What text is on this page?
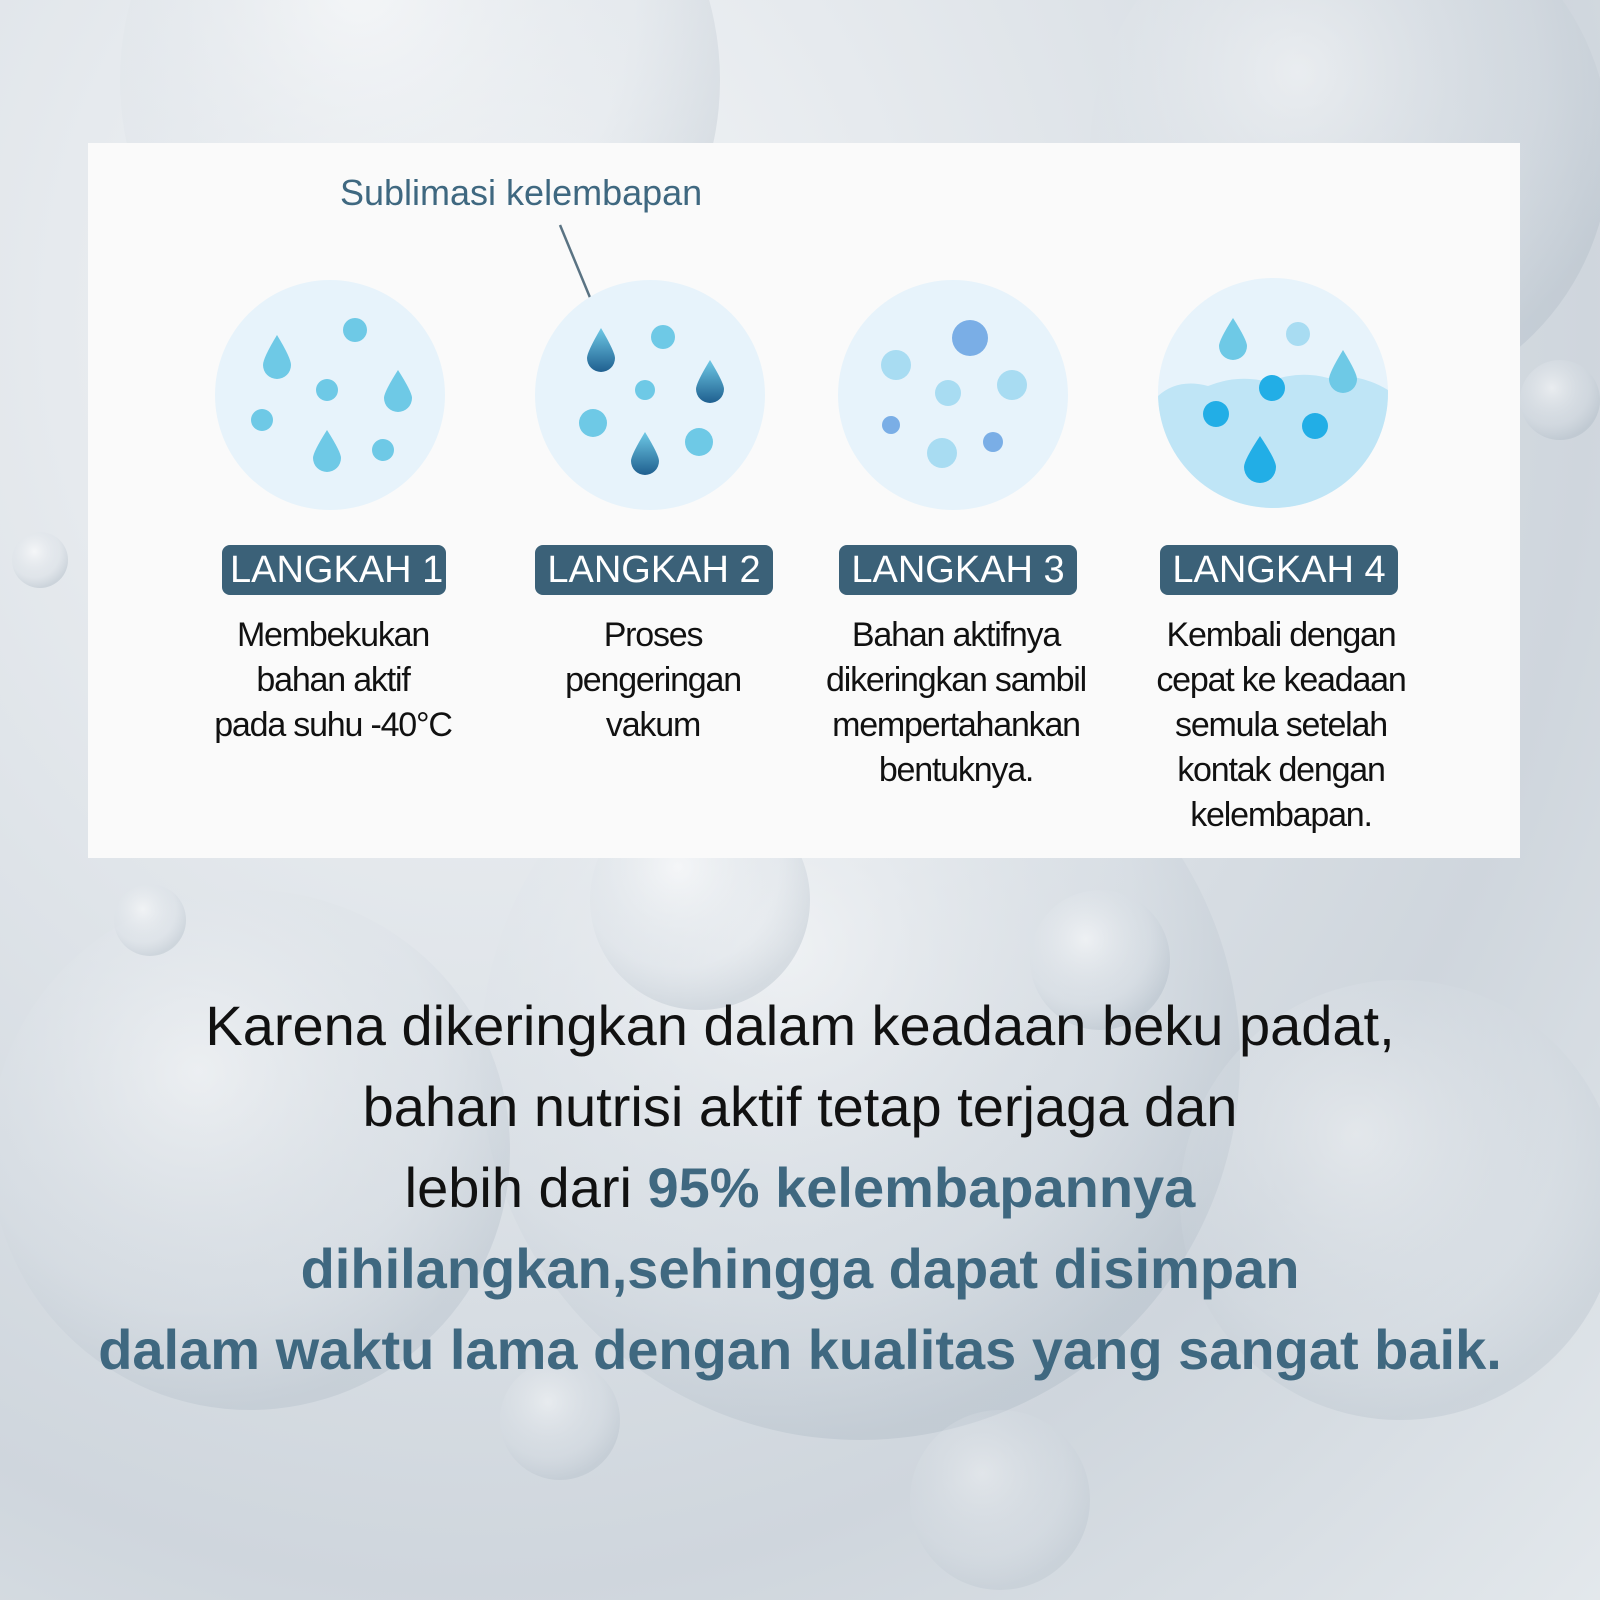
Sublimasi kelembapan
LANGKAH 1	LANGKAH 2	LANGKAH 3	LANGKAH 4
Membekukan
bahan aktif
pada suhu -40°C
Proses
pengeringan
vakum
Bahan aktifnya
dikeringkan sambil
mempertahankan
bentuknya.
Kembali dengan
cepat ke keadaan
semula setelah
kontak dengan
kelembapan.
Karena dikeringkan dalam keadaan beku padat,
bahan nutrisi aktif tetap terjaga dan
lebih dari 95% kelembapannya
dihilangkan,sehingga dapat disimpan
dalam waktu lama dengan kualitas yang sangat baik.
